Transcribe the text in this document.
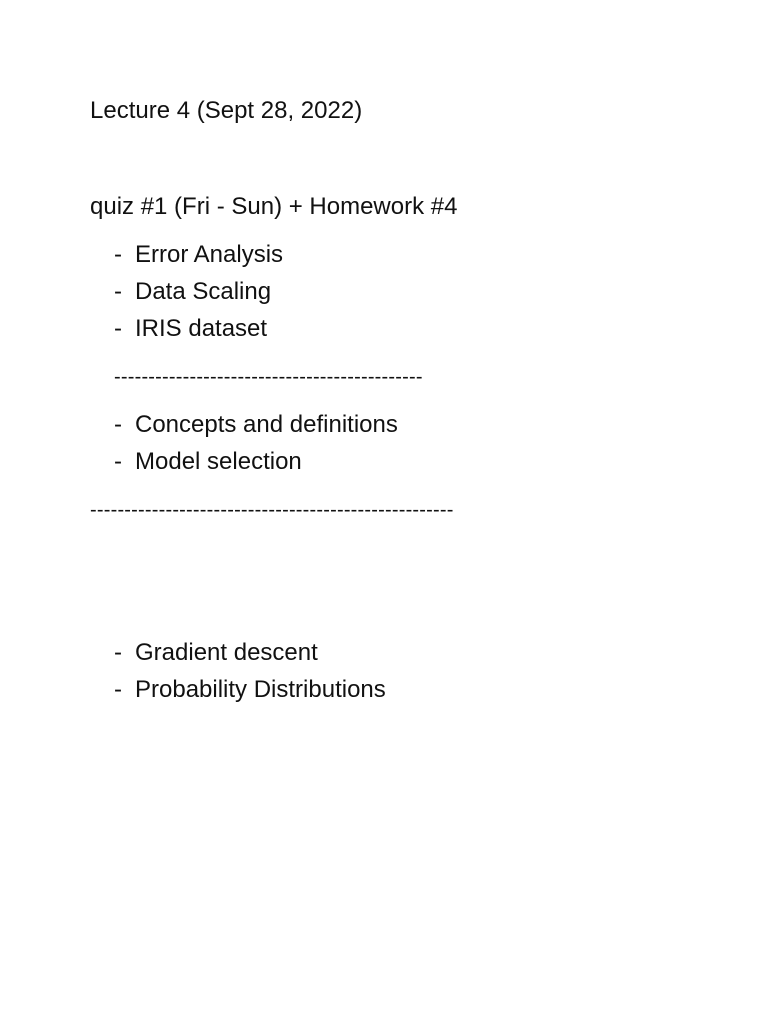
Lecture 4 (Sept 28, 2022)
quiz #1 (Fri - Sun) + Homework #4
- Error Analysis
- Data Scaling
- IRIS dataset
---------------------------------------------
- Concepts and definitions
- Model selection
-----------------------------------------------------
- Gradient descent
- Probability Distributions
